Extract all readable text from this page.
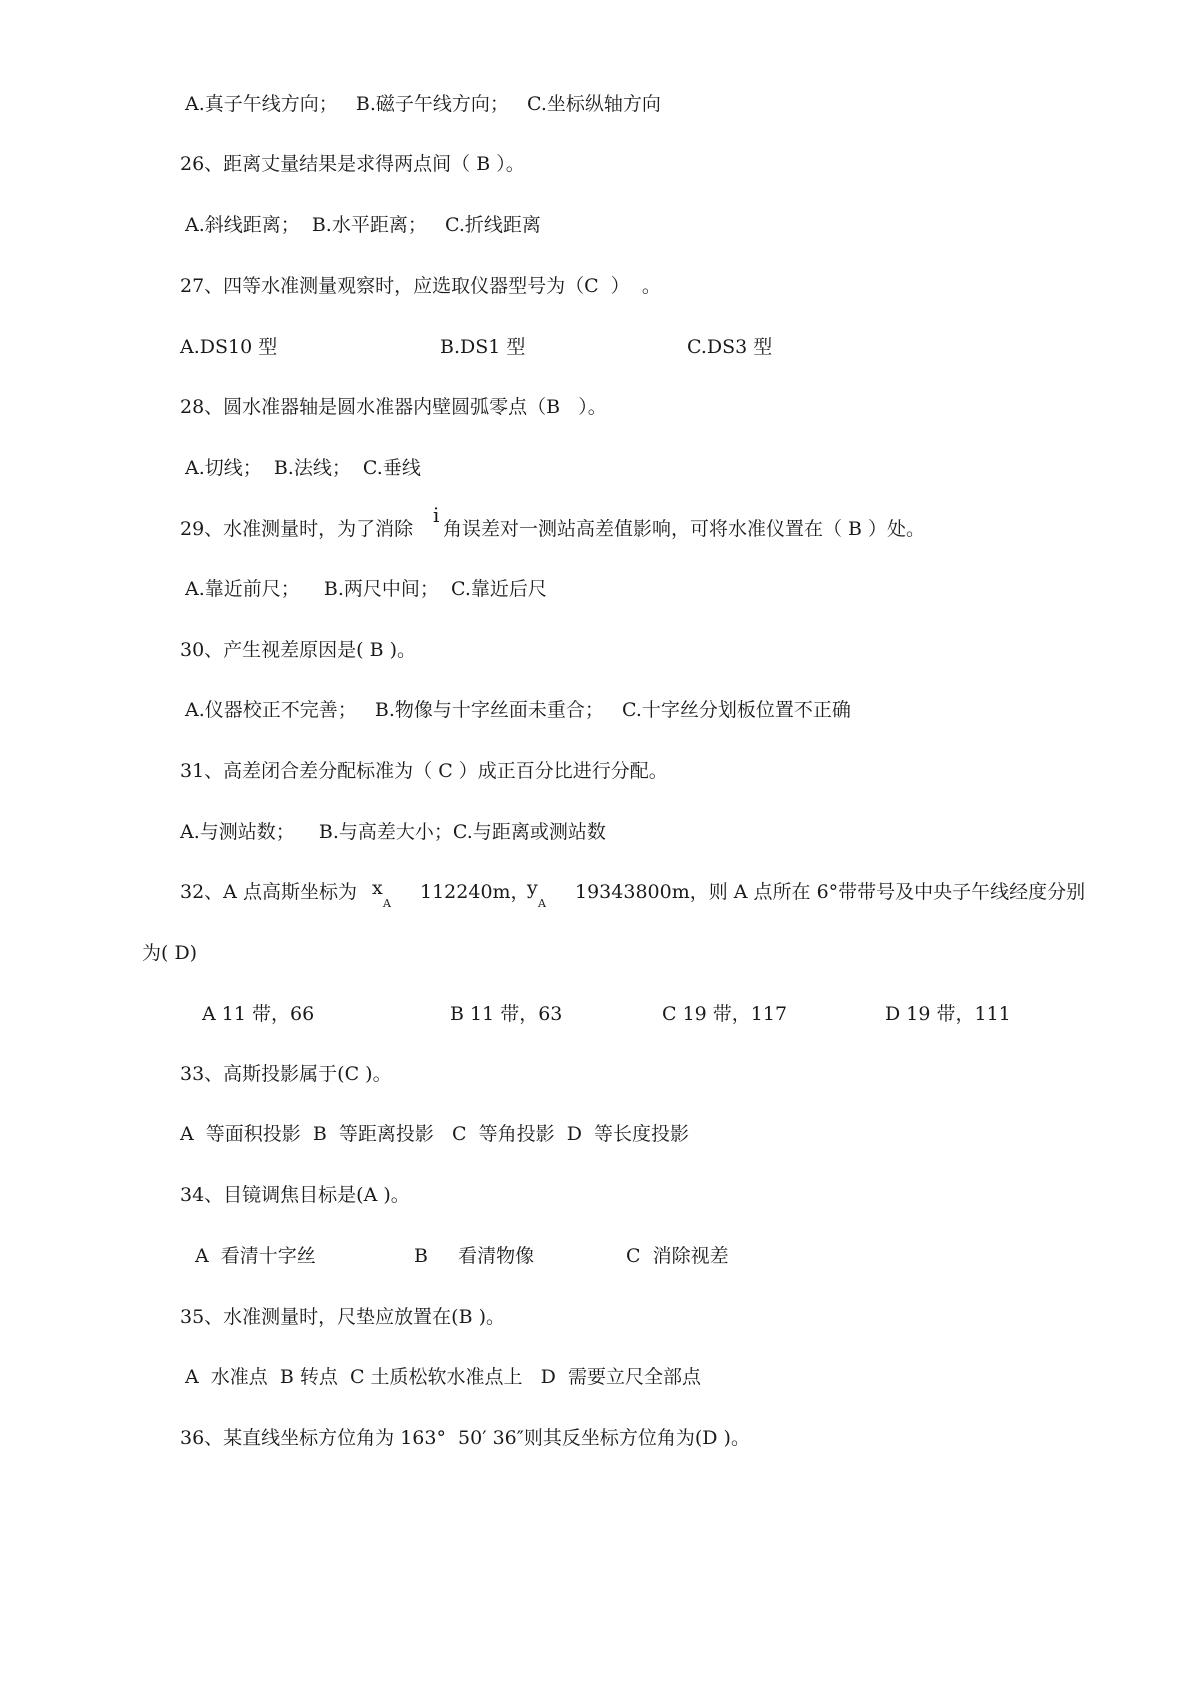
A.真子午线方向；   B.磁子午线方向；   C.坐标纵轴方向
26、距离丈量结果是求得两点间（ B ）。
A.斜线距离；  B.水平距离；   C.折线距离
27、四等水准测量观察时，应选取仪器型号为（C  ）  。
A.DS10 型	B.DS1 型	C.DS3 型
28、圆水准器轴是圆水准器内壁圆弧零点（B   ）。
A.切线；  B.法线；  C.垂线
29、水准测量时，为了消除
i
角误差对一测站高差值影响，可将水准仪置在（ B ）处。
A.靠近前尺；    B.两尺中间；  C.靠近后尺
30、产生视差原因是( B )。
A.仪器校正不完善；   B.物像与十字丝面未重合；   C.十字丝分划板位置不正确
31、高差闭合差分配标准为（ C ）成正百分比进行分配。
A.与测站数；    B.与高差大小；C.与距离或测站数
32、A 点高斯坐标为 x
A
112240m，
y
A
19343800m，则 A 点所在 6°带带号及中央子午线经度分别
为( D)
A 11 带，66	B 11 带，63	C 19 带，117	D 19 带，111
33、高斯投影属于(C )。
A  等面积投影  B  等距离投影   C  等角投影  D  等长度投影
34、目镜调焦目标是(A )。
A  看清十字丝	B     看清物像	C  消除视差
35、水准测量时，尺垫应放置在(B )。
A  水准点  B 转点  C 土质松软水准点上   D  需要立尺全部点
36、某直线坐标方位角为 163°  50′ 36″则其反坐标方位角为(D )。
